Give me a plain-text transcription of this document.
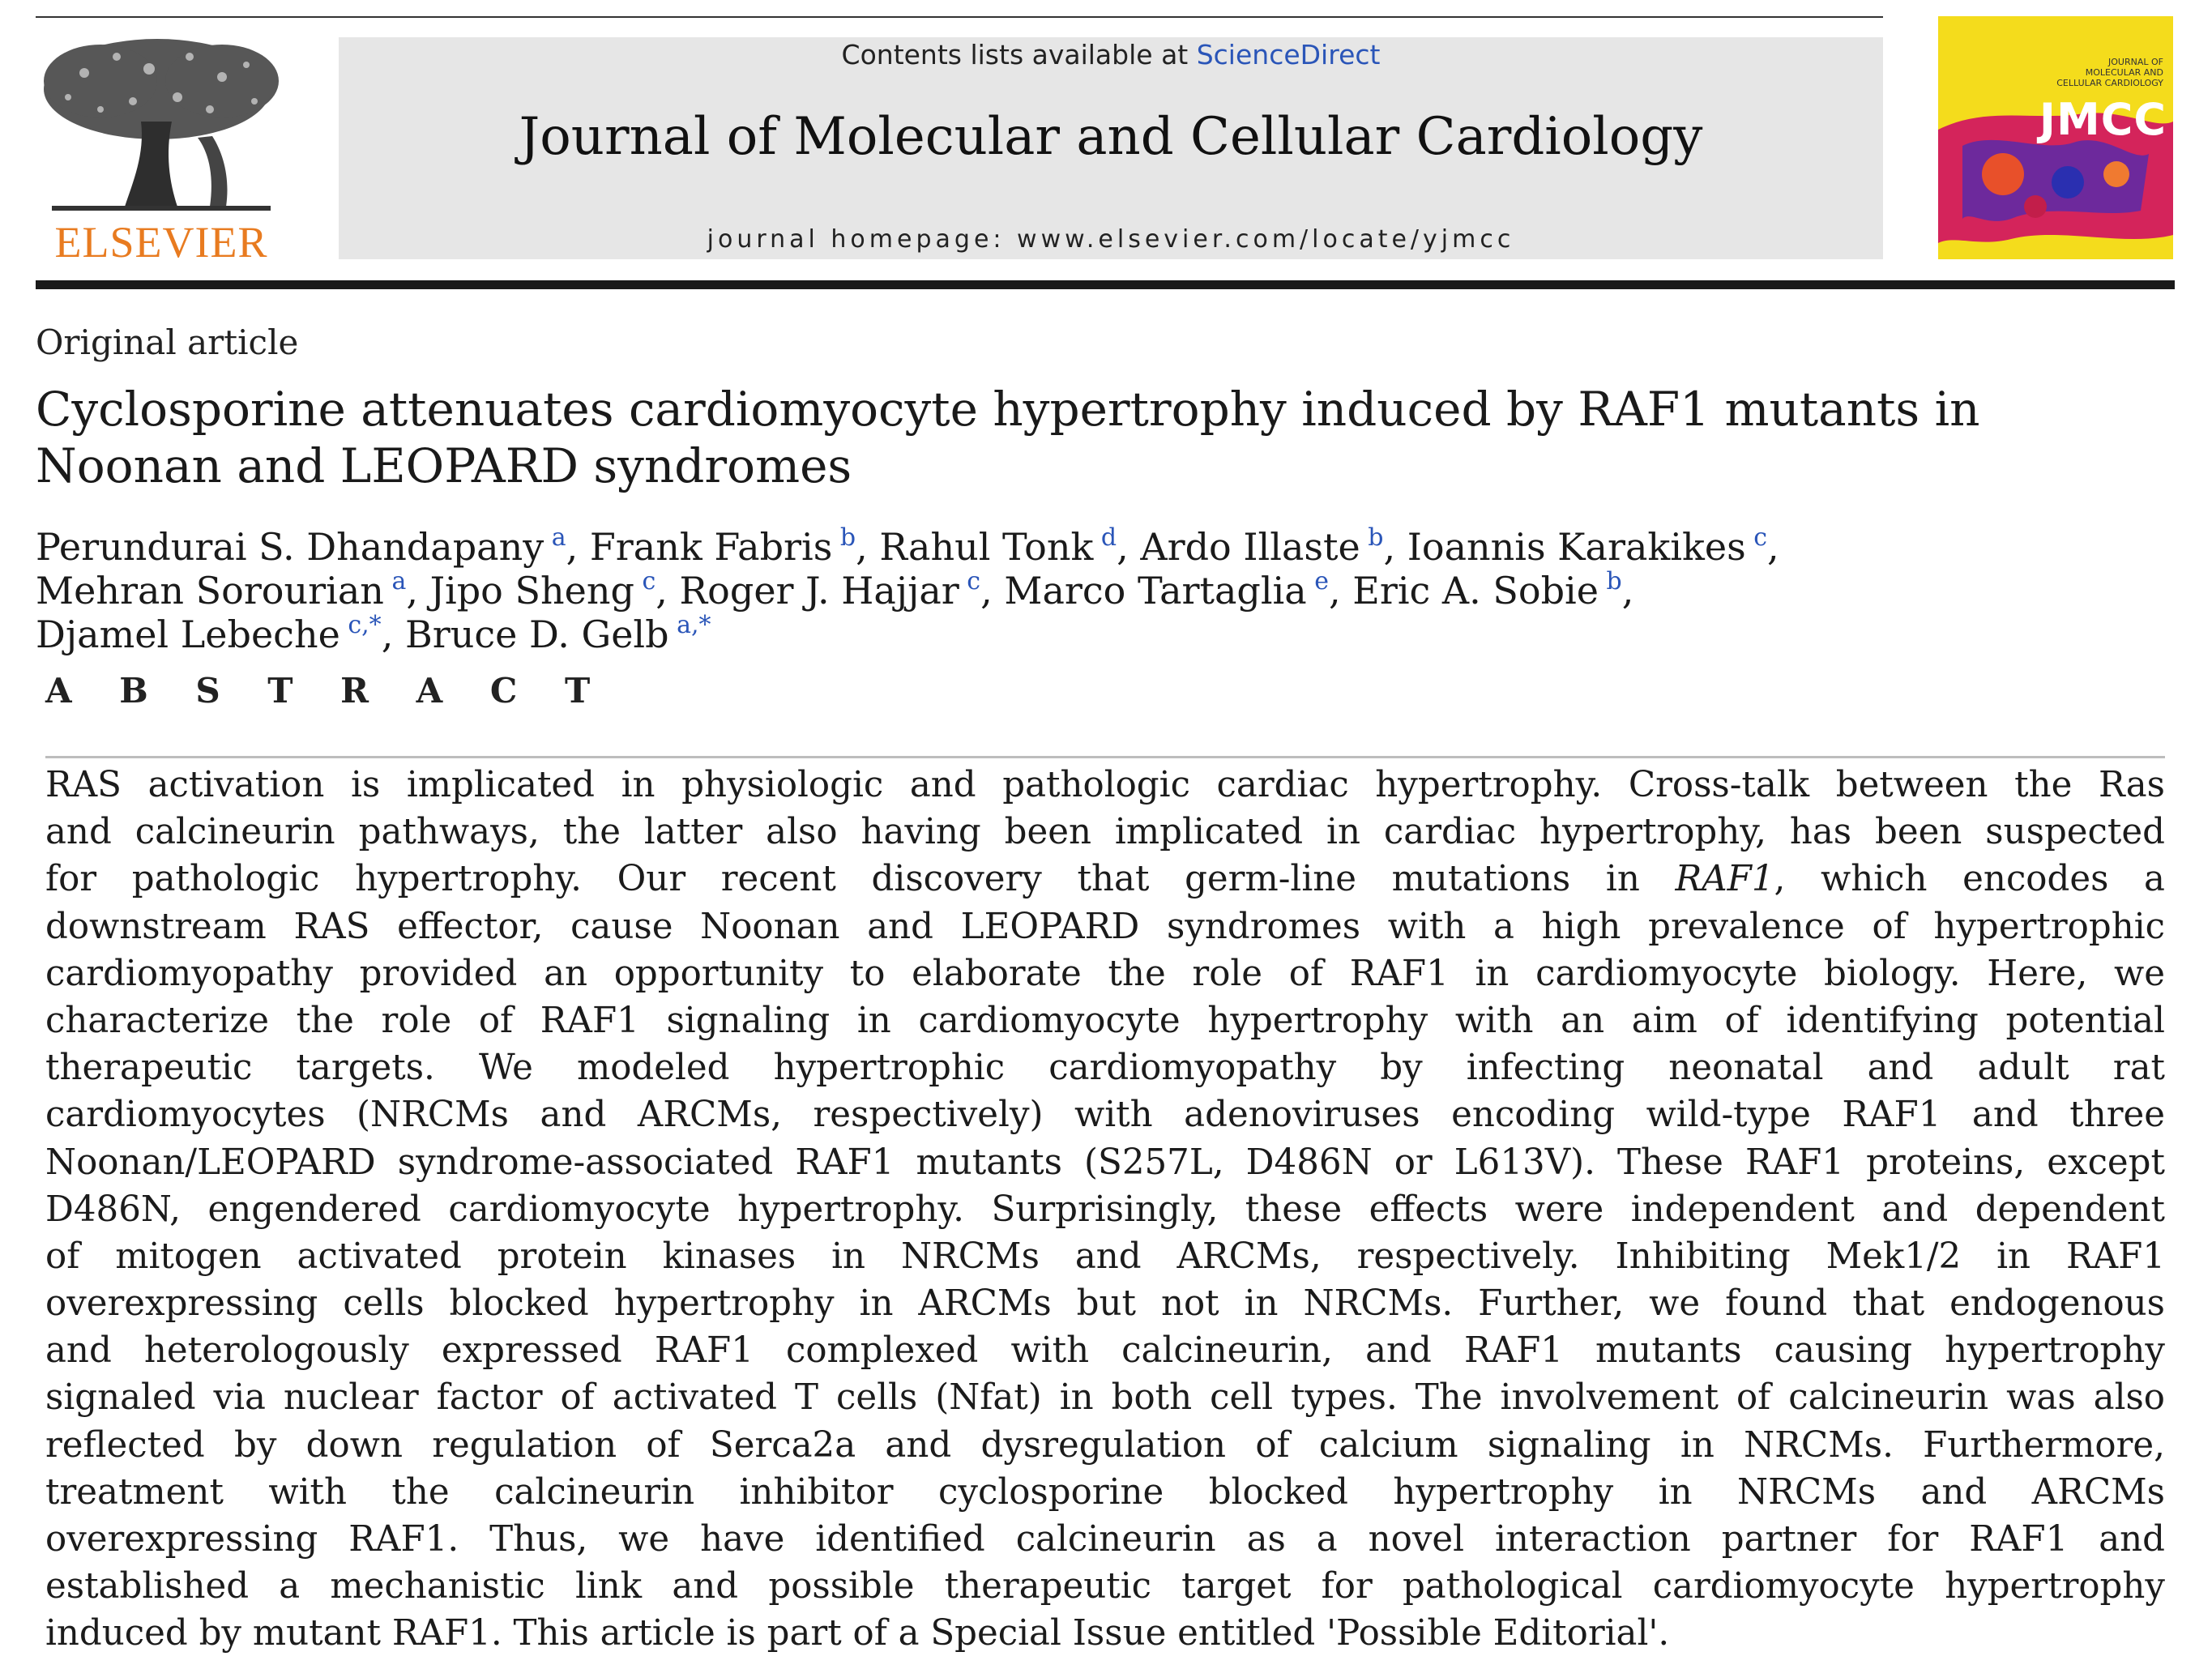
ELSEVIER
Contents lists available at ScienceDirect
Journal of Molecular and Cellular Cardiology
journal homepage: www.elsevier.com/locate/yjmcc
JOURNAL OF
MOLECULAR AND
CELLULAR CARDIOLOGY
JMCC
Original article
Cyclosporine attenuates cardiomyocyte hypertrophy induced by RAF1 mutants in
Noonan and LEOPARD syndromes
Perundurai S. Dhandapany $^a$, Frank Fabris $^b$, Rahul Tonk $^d$, Ardo Illaste $^b$, Ioannis Karakikes $^c$,
Mehran Sorourian $^a$, Jipo Sheng $^c$, Roger J. Hajjar $^c$, Marco Tartaglia $^e$, Eric A. Sobie $^b$,
Djamel Lebeche $^{c,*}$, Bruce D. Gelb $^{a,*}$
A B S T R A C T
RAS activation is implicated in physiologic and pathologic cardiac hypertrophy. Cross-talk between the Ras
and calcineurin pathways, the latter also having been implicated in cardiac hypertrophy, has been suspected
for pathologic hypertrophy. Our recent discovery that germ-line mutations in RAF1, which encodes a
downstream RAS effector, cause Noonan and LEOPARD syndromes with a high prevalence of hypertrophic
cardiomyopathy provided an opportunity to elaborate the role of RAF1 in cardiomyocyte biology. Here, we
characterize the role of RAF1 signaling in cardiomyocyte hypertrophy with an aim of identifying potential
therapeutic targets. We modeled hypertrophic cardiomyopathy by infecting neonatal and adult rat
cardiomyocytes (NRCMs and ARCMs, respectively) with adenoviruses encoding wild-type RAF1 and three
Noonan/LEOPARD syndrome-associated RAF1 mutants (S257L, D486N or L613V). These RAF1 proteins, except
D486N, engendered cardiomyocyte hypertrophy. Surprisingly, these effects were independent and dependent
of mitogen activated protein kinases in NRCMs and ARCMs, respectively. Inhibiting Mek1/2 in RAF1
overexpressing cells blocked hypertrophy in ARCMs but not in NRCMs. Further, we found that endogenous
and heterologously expressed RAF1 complexed with calcineurin, and RAF1 mutants causing hypertrophy
signaled via nuclear factor of activated T cells (Nfat) in both cell types. The involvement of calcineurin was also
reflected by down regulation of Serca2a and dysregulation of calcium signaling in NRCMs. Furthermore,
treatment with the calcineurin inhibitor cyclosporine blocked hypertrophy in NRCMs and ARCMs
overexpressing RAF1. Thus, we have identified calcineurin as a novel interaction partner for RAF1 and
established a mechanistic link and possible therapeutic target for pathological cardiomyocyte hypertrophy
induced by mutant RAF1. This article is part of a Special Issue entitled 'Possible Editorial'.
